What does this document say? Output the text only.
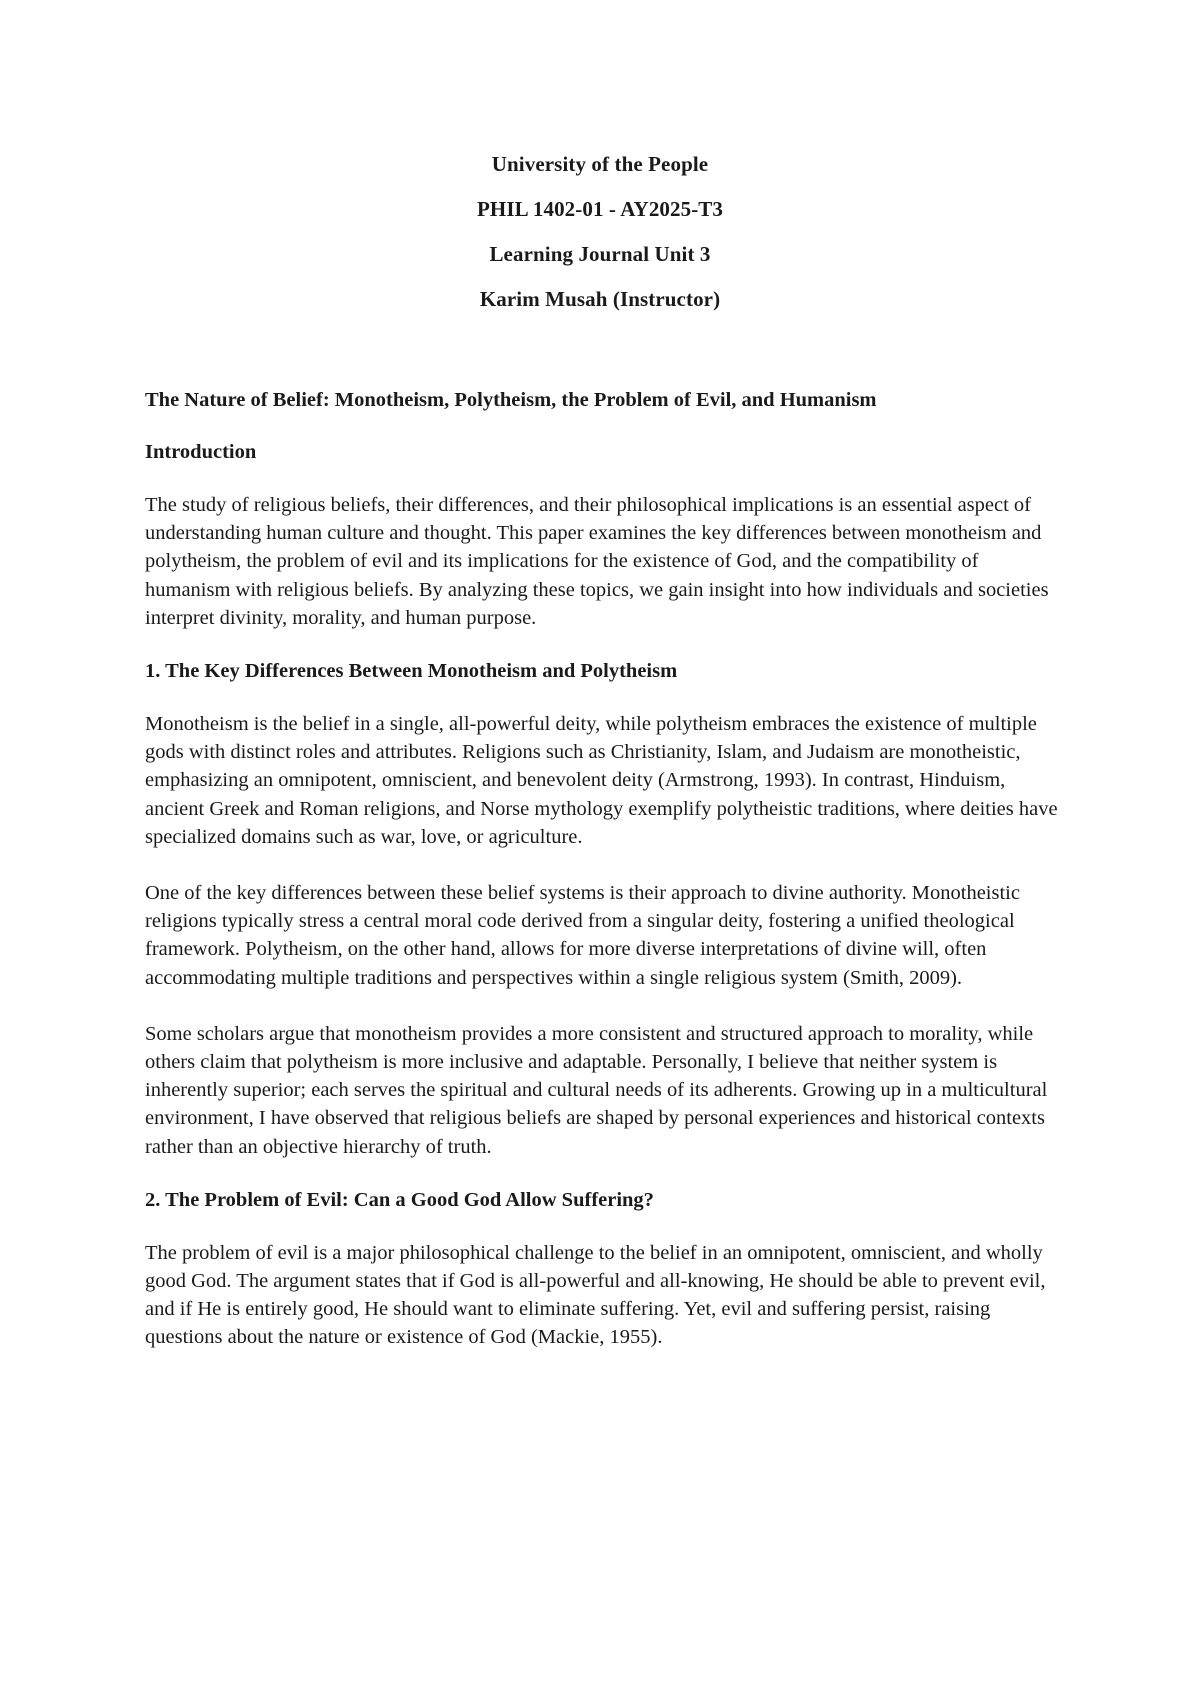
University of the People
PHIL 1402-01 - AY2025-T3
Learning Journal Unit 3
Karim Musah (Instructor)
The Nature of Belief: Monotheism, Polytheism, the Problem of Evil, and Humanism
Introduction

The study of religious beliefs, their differences, and their philosophical implications is an essential aspect of understanding human culture and thought. This paper examines the key differences between monotheism and polytheism, the problem of evil and its implications for the existence of God, and the compatibility of humanism with religious beliefs. By analyzing these topics, we gain insight into how individuals and societies interpret divinity, morality, and human purpose.

1. The Key Differences Between Monotheism and Polytheism

Monotheism is the belief in a single, all-powerful deity, while polytheism embraces the existence of multiple gods with distinct roles and attributes. Religions such as Christianity, Islam, and Judaism are monotheistic, emphasizing an omnipotent, omniscient, and benevolent deity (Armstrong, 1993). In contrast, Hinduism, ancient Greek and Roman religions, and Norse mythology exemplify polytheistic traditions, where deities have specialized domains such as war, love, or agriculture.

One of the key differences between these belief systems is their approach to divine authority. Monotheistic religions typically stress a central moral code derived from a singular deity, fostering a unified theological framework. Polytheism, on the other hand, allows for more diverse interpretations of divine will, often accommodating multiple traditions and perspectives within a single religious system (Smith, 2009).

Some scholars argue that monotheism provides a more consistent and structured approach to morality, while others claim that polytheism is more inclusive and adaptable. Personally, I believe that neither system is inherently superior; each serves the spiritual and cultural needs of its adherents. Growing up in a multicultural environment, I have observed that religious beliefs are shaped by personal experiences and historical contexts rather than an objective hierarchy of truth.

2. The Problem of Evil: Can a Good God Allow Suffering?

The problem of evil is a major philosophical challenge to the belief in an omnipotent, omniscient, and wholly good God. The argument states that if God is all-powerful and all-knowing, He should be able to prevent evil, and if He is entirely good, He should want to eliminate suffering. Yet, evil and suffering persist, raising questions about the nature or existence of God (Mackie, 1955).
